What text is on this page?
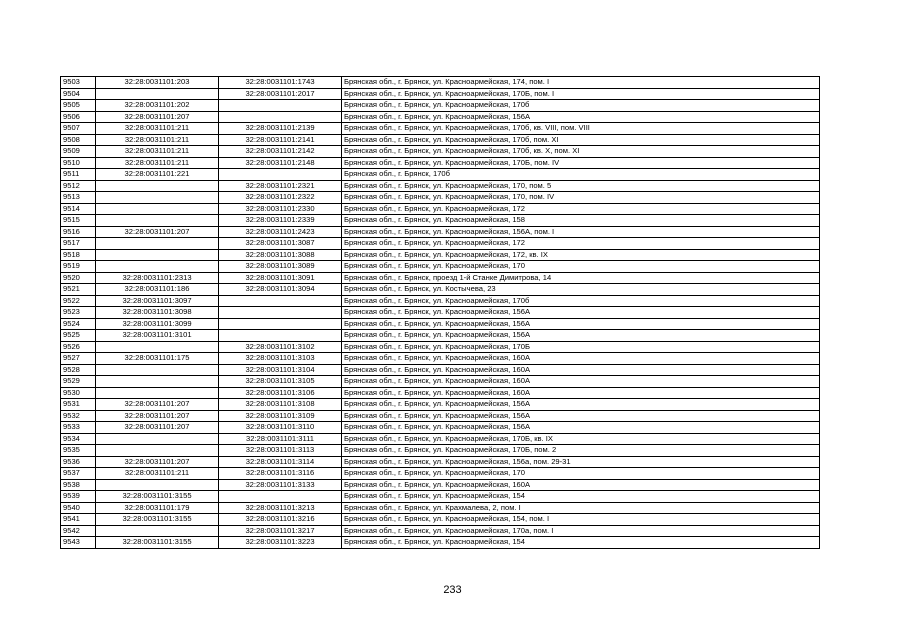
9503	32:28:0031101:203	32:28:0031101:1743	Брянская обл., г. Брянск, ул. Красноармейская, 174, пом. I
9504		32:28:0031101:2017	Брянская обл., г. Брянск, ул. Красноармейская, 170Б, пом. I
9505	32:28:0031101:202		Брянская обл., г. Брянск, ул. Красноармейская, 170б
9506	32:28:0031101:207		Брянская обл., г. Брянск, ул. Красноармейская, 156А
9507	32:28:0031101:211	32:28:0031101:2139	Брянская обл., г. Брянск, ул. Красноармейская, 170б, кв. VIII, пом. VIII
9508	32:28:0031101:211	32:28:0031101:2141	Брянская обл., г. Брянск, ул. Красноармейская, 170б, пом. XI
9509	32:28:0031101:211	32:28:0031101:2142	Брянская обл., г. Брянск, ул. Красноармейская, 170б, кв. X, пом. XI
9510	32:28:0031101:211	32:28:0031101:2148	Брянская обл., г. Брянск, ул. Красноармейская, 170Б, пом. IV
9511	32:28:0031101:221		Брянская обл., г. Брянск, 170б
9512		32:28:0031101:2321	Брянская обл., г. Брянск, ул. Красноармейская, 170, пом. 5
9513		32:28:0031101:2322	Брянская обл., г. Брянск, ул. Красноармейская, 170, пом. IV
9514		32:28:0031101:2330	Брянская обл., г. Брянск, ул. Красноармейская, 172
9515		32:28:0031101:2339	Брянская обл., г. Брянск, ул. Красноармейская, 158
9516	32:28:0031101:207	32:28:0031101:2423	Брянская обл., г. Брянск, ул. Красноармейская, 156А, пом. I
9517		32:28:0031101:3087	Брянская обл., г. Брянск, ул. Красноармейская, 172
9518		32:28:0031101:3088	Брянская обл., г. Брянск, ул. Красноармейская, 172, кв. IX
9519		32:28:0031101:3089	Брянская обл., г. Брянск, ул. Красноармейская, 170
9520	32:28:0031101:2313	32:28:0031101:3091	Брянская обл., г. Брянск, проезд 1-й Станке Димитрова, 14
9521	32:28:0031101:186	32:28:0031101:3094	Брянская обл., г. Брянск, ул. Костычева, 23
9522	32:28:0031101:3097		Брянская обл., г. Брянск, ул. Красноармейская, 170б
9523	32:28:0031101:3098		Брянская обл., г. Брянск, ул. Красноармейская, 156А
9524	32:28:0031101:3099		Брянская обл., г. Брянск, ул. Красноармейская, 156А
9525	32:28:0031101:3101		Брянская обл., г. Брянск, ул. Красноармейская, 156А
9526		32:28:0031101:3102	Брянская обл., г. Брянск, ул. Красноармейская, 170Б
9527	32:28:0031101:175	32:28:0031101:3103	Брянская обл., г. Брянск, ул. Красноармейская, 160А
9528		32:28:0031101:3104	Брянская обл., г. Брянск, ул. Красноармейская, 160А
9529		32:28:0031101:3105	Брянская обл., г. Брянск, ул. Красноармейская, 160А
9530		32:28:0031101:3106	Брянская обл., г. Брянск, ул. Красноармейская, 160А
9531	32:28:0031101:207	32:28:0031101:3108	Брянская обл., г. Брянск, ул. Красноармейская, 156А
9532	32:28:0031101:207	32:28:0031101:3109	Брянская обл., г. Брянск, ул. Красноармейская, 156А
9533	32:28:0031101:207	32:28:0031101:3110	Брянская обл., г. Брянск, ул. Красноармейская, 156А
9534		32:28:0031101:3111	Брянская обл., г. Брянск, ул. Красноармейская, 170Б, кв. IX
9535		32:28:0031101:3113	Брянская обл., г. Брянск, ул. Красноармейская, 170Б, пом. 2
9536	32:28:0031101:207	32:28:0031101:3114	Брянская обл., г. Брянск, ул. Красноармейская, 156а, пом. 29-31
9537	32:28:0031101:211	32:28:0031101:3116	Брянская обл., г. Брянск, ул. Красноармейская, 170
9538		32:28:0031101:3133	Брянская обл., г. Брянск, ул. Красноармейская, 160А
9539	32:28:0031101:3155		Брянская обл., г. Брянск, ул. Красноармейская, 154
9540	32:28:0031101:179	32:28:0031101:3213	Брянская обл., г. Брянск, ул. Крахмалева, 2, пом. I
9541	32:28:0031101:3155	32:28:0031101:3216	Брянская обл., г. Брянск, ул. Красноармейская, 154, пом. I
9542		32:28:0031101:3217	Брянская обл., г. Брянск, ул. Красноармейская, 170а, пом. I
9543	32:28:0031101:3155	32:28:0031101:3223	Брянская обл., г. Брянск, ул. Красноармейская, 154
233
